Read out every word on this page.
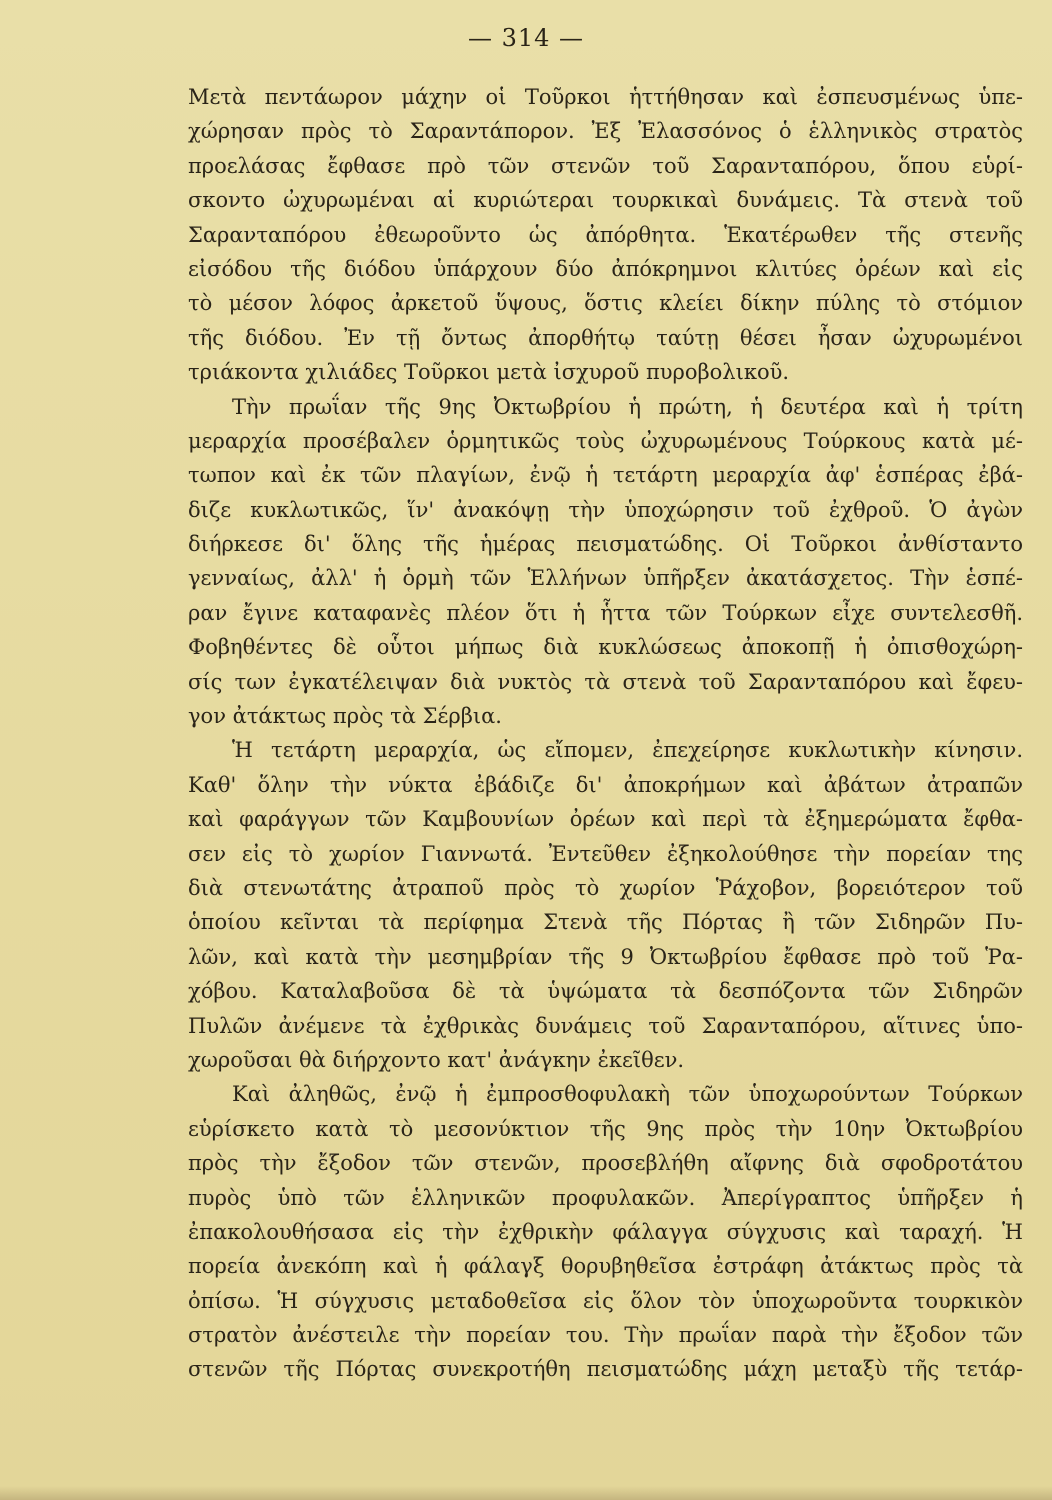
— 314 —
Μετὰ πεντάωρον μάχην οἱ Τοῦρκοι ἡττήθησαν καὶ ἐσπευσμένως ὑπε-
χώρησαν πρὸς τὸ Σαραντάπορον. Ἐξ Ἐλασσόνος ὁ ἑλληνικὸς στρατὸς
προελάσας ἔφθασε πρὸ τῶν στενῶν τοῦ Σαρανταπόρου, ὅπου εὑρί-
σκοντο ὠχυρωμέναι αἱ κυριώτεραι τουρκικαὶ δυνάμεις. Τὰ στενὰ τοῦ
Σαρανταπόρου ἐθεωροῦντο ὡς ἀπόρθητα. Ἑκατέρωθεν τῆς στενῆς
εἰσόδου τῆς διόδου ὑπάρχουν δύο ἀπόκρημνοι κλιτύες ὀρέων καὶ εἰς
τὸ μέσον λόφος ἀρκετοῦ ὕψους, ὅστις κλείει δίκην πύλης τὸ στόμιον
τῆς διόδου. Ἐν τῇ ὄντως ἀπορθήτῳ ταύτῃ θέσει ἦσαν ὠχυρωμένοι
τριάκοντα χιλιάδες Τοῦρκοι μετὰ ἰσχυροῦ πυροβολικοῦ.
Τὴν πρωΐαν τῆς 9ης Ὀκτωβρίου ἡ πρώτη, ἡ δευτέρα καὶ ἡ τρίτη
μεραρχία προσέβαλεν ὁρμητικῶς τοὺς ὠχυρωμένους Τούρκους κατὰ μέ-
τωπον καὶ ἐκ τῶν πλαγίων, ἐνῷ ἡ τετάρτη μεραρχία ἀφ' ἑσπέρας ἐβά-
διζε κυκλωτικῶς, ἵν' ἀνακόψῃ τὴν ὑποχώρησιν τοῦ ἐχθροῦ. Ὁ ἀγὼν
διήρκεσε δι' ὅλης τῆς ἡμέρας πεισματώδης. Οἱ Τοῦρκοι ἀνθίσταντο
γενναίως, ἀλλ' ἡ ὁρμὴ τῶν Ἑλλήνων ὑπῆρξεν ἀκατάσχετος. Τὴν ἑσπέ-
ραν ἔγινε καταφανὲς πλέον ὅτι ἡ ἧττα τῶν Τούρκων εἶχε συντελεσθῆ.
Φοβηθέντες δὲ οὗτοι μήπως διὰ κυκλώσεως ἀποκοπῇ ἡ ὀπισθοχώρη-
σίς των ἐγκατέλειψαν διὰ νυκτὸς τὰ στενὰ τοῦ Σαρανταπόρου καὶ ἔφευ-
γον ἀτάκτως πρὸς τὰ Σέρβια.
Ἡ τετάρτη μεραρχία, ὡς εἴπομεν, ἐπεχείρησε κυκλωτικὴν κίνησιν.
Καθ' ὅλην τὴν νύκτα ἐβάδιζε δι' ἀποκρήμων καὶ ἀβάτων ἀτραπῶν
καὶ φαράγγων τῶν Καμβουνίων ὀρέων καὶ περὶ τὰ ἐξημερώματα ἔφθα-
σεν εἰς τὸ χωρίον Γιαννωτά. Ἐντεῦθεν ἐξηκολούθησε τὴν πορείαν της
διὰ στενωτάτης ἀτραποῦ πρὸς τὸ χωρίον Ῥάχοβον, βορειότερον τοῦ
ὁποίου κεῖνται τὰ περίφημα Στενὰ τῆς Πόρτας ἢ τῶν Σιδηρῶν Πυ-
λῶν, καὶ κατὰ τὴν μεσημβρίαν τῆς 9 Ὀκτωβρίου ἔφθασε πρὸ τοῦ Ῥα-
χόβου. Καταλαβοῦσα δὲ τὰ ὑψώματα τὰ δεσπόζοντα τῶν Σιδηρῶν
Πυλῶν ἀνέμενε τὰ ἐχθρικὰς δυνάμεις τοῦ Σαρανταπόρου, αἵτινες ὑπο-
χωροῦσαι θὰ διήρχοντο κατ' ἀνάγκην ἐκεῖθεν.
Καὶ ἀληθῶς, ἐνῷ ἡ ἐμπροσθοφυλακὴ τῶν ὑποχωρούντων Τούρκων
εὑρίσκετο κατὰ τὸ μεσονύκτιον τῆς 9ης πρὸς τὴν 10ην Ὀκτωβρίου
πρὸς τὴν ἔξοδον τῶν στενῶν, προσεβλήθη αἴφνης διὰ σφοδροτάτου
πυρὸς ὑπὸ τῶν ἑλληνικῶν προφυλακῶν. Ἀπερίγραπτος ὑπῆρξεν ἡ
ἐπακολουθήσασα εἰς τὴν ἐχθρικὴν φάλαγγα σύγχυσις καὶ ταραχή. Ἡ
πορεία ἀνεκόπη καὶ ἡ φάλαγξ θορυβηθεῖσα ἐστράφη ἀτάκτως πρὸς τὰ
ὀπίσω. Ἡ σύγχυσις μεταδοθεῖσα εἰς ὅλον τὸν ὑποχωροῦντα τουρκικὸν
στρατὸν ἀνέστειλε τὴν πορείαν του. Τὴν πρωΐαν παρὰ τὴν ἔξοδον τῶν
στενῶν τῆς Πόρτας συνεκροτήθη πεισματώδης μάχη μεταξὺ τῆς τετάρ-
